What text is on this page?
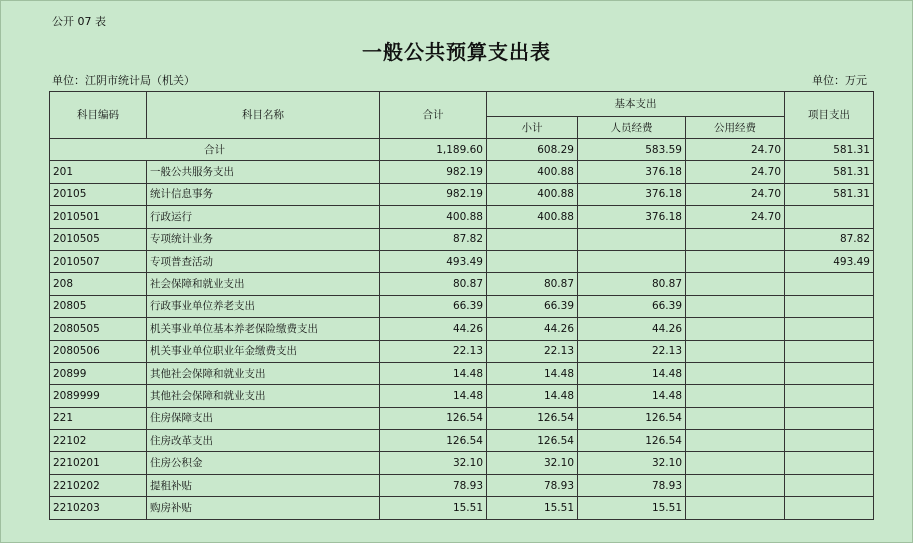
公开 07 表
一般公共预算支出表
单位：江阴市统计局（机关）	单位：万元
科目编码	科目名称	合计	基本支出			项目支出
			小计	人员经费	公用经费	
合计		1,189.60	608.29	583.59	24.70	581.31
201	一般公共服务支出	982.19	400.88	376.18	24.70	581.31
20105	统计信息事务	982.19	400.88	376.18	24.70	581.31
2010501	行政运行	400.88	400.88	376.18	24.70	
2010505	专项统计业务	87.82				87.82
2010507	专项普查活动	493.49				493.49
208	社会保障和就业支出	80.87	80.87	80.87		
20805	行政事业单位养老支出	66.39	66.39	66.39		
2080505	机关事业单位基本养老保险缴费支出	44.26	44.26	44.26		
2080506	机关事业单位职业年金缴费支出	22.13	22.13	22.13		
20899	其他社会保障和就业支出	14.48	14.48	14.48		
2089999	其他社会保障和就业支出	14.48	14.48	14.48		
221	住房保障支出	126.54	126.54	126.54		
22102	住房改革支出	126.54	126.54	126.54		
2210201	住房公积金	32.10	32.10	32.10		
2210202	提租补贴	78.93	78.93	78.93		
2210203	购房补贴	15.51	15.51	15.51		
